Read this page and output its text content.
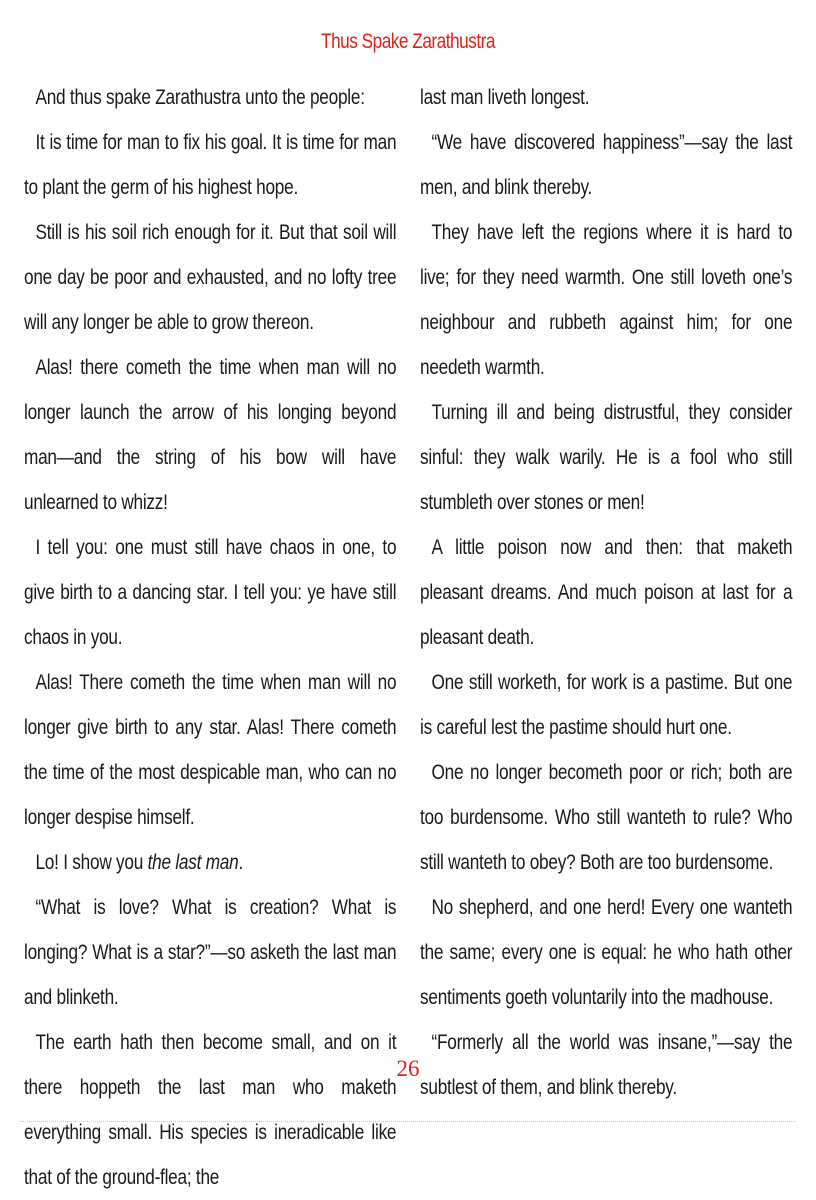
Thus Spake Zarathustra

And thus spake Zarathustra unto the people:

It is time for man to fix his goal. It is time for man to plant the germ of his highest hope.

Still is his soil rich enough for it. But that soil will one day be poor and exhausted, and no lofty tree will any longer be able to grow thereon.

Alas! there cometh the time when man will no longer launch the arrow of his longing beyond man—and the string of his bow will have unlearned to whizz!

I tell you: one must still have chaos in one, to give birth to a dancing star. I tell you: ye have still chaos in you.

Alas! There cometh the time when man will no longer give birth to any star. Alas! There cometh the time of the most despicable man, who can no longer despise himself.

Lo! I show you the last man.

“What is love? What is creation? What is longing? What is a star?”—so asketh the last man and blinketh.

The earth hath then become small, and on it there hoppeth the last man who maketh everything small. His species is ineradicable like that of the ground-flea; the

last man liveth longest.

“We have discovered happiness”—say the last men, and blink thereby.

They have left the regions where it is hard to live; for they need warmth. One still loveth one’s neighbour and rubbeth against him; for one needeth warmth.

Turning ill and being distrustful, they consider sinful: they walk warily. He is a fool who still stumbleth over stones or men!

A little poison now and then: that maketh pleasant dreams. And much poison at last for a pleasant death.

One still worketh, for work is a pastime. But one is careful lest the pastime should hurt one.

One no longer becometh poor or rich; both are too burdensome. Who still wanteth to rule? Who still wanteth to obey? Both are too burdensome.

No shepherd, and one herd! Every one wanteth the same; every one is equal: he who hath other sentiments goeth voluntarily into the madhouse.

“Formerly all the world was insane,”—say the subtlest of them, and blink thereby.

26
